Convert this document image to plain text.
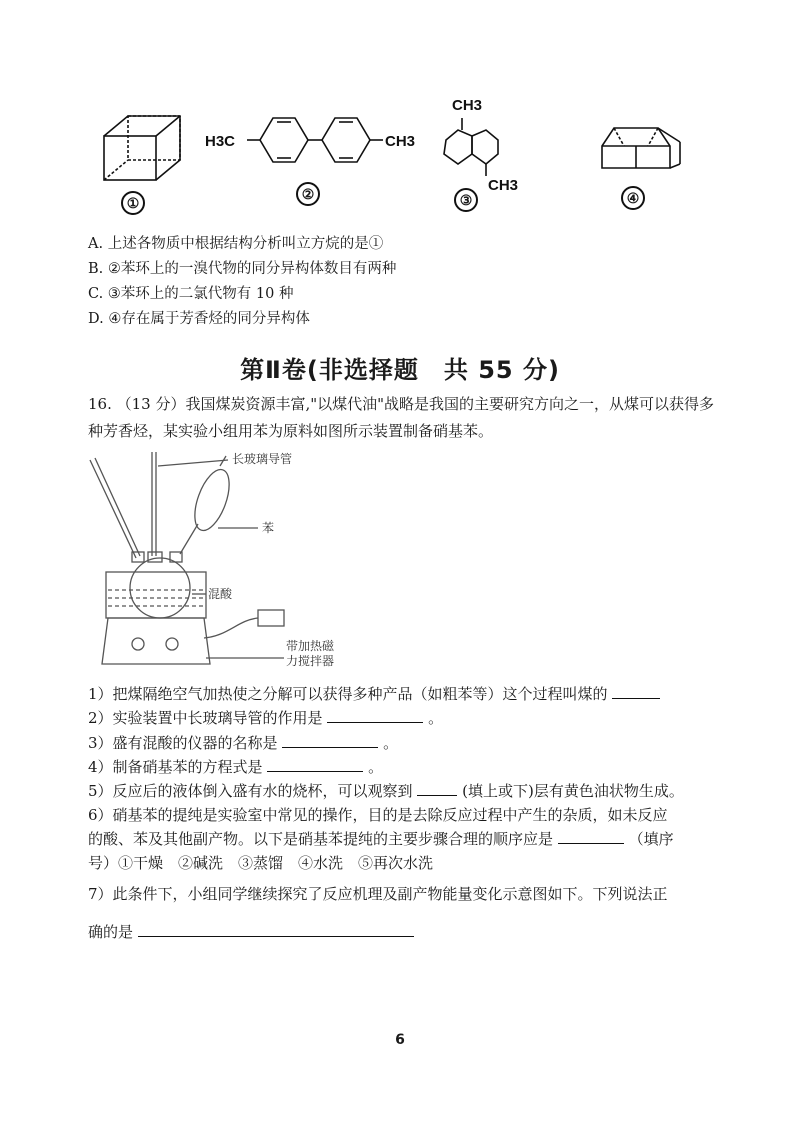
①
H3C	CH3
②
CH3
CH3
③	④
A. 上述各物质中根据结构分析叫立方烷的是①
B. ②苯环上的一溴代物的同分异构体数目有两种
C. ③苯环上的二氯代物有 10 种
D. ④存在属于芳香烃的同分异构体
第Ⅱ卷(非选择题　共 55 分)
16. （13 分）我国煤炭资源丰富,"以煤代油"战略是我国的主要研究方向之一，从煤可以获得多种芳香烃，某实验小组用苯为原料如图所示装置制备硝基苯。
长玻璃导管
苯
混酸
带加热磁
力搅拌器
1）把煤隔绝空气加热使之分解可以获得多种产品（如粗苯等）这个过程叫煤的
2）实验装置中长玻璃导管的作用是	。
3）盛有混酸的仪器的名称是	。
4）制备硝基苯的方程式是	。
5）反应后的液体倒入盛有水的烧杯，可以观察到	(填上或下)层有黄色油状物生成。
6）硝基苯的提纯是实验室中常见的操作，目的是去除反应过程中产生的杂质，如未反应
的酸、苯及其他副产物。以下是硝基苯提纯的主要步骤合理的顺序应是	（填序
号）①干燥　②碱洗　③蒸馏　④水洗　⑤再次水洗
7）此条件下，小组同学继续探究了反应机理及副产物能量变化示意图如下。下列说法正
确的是
6
